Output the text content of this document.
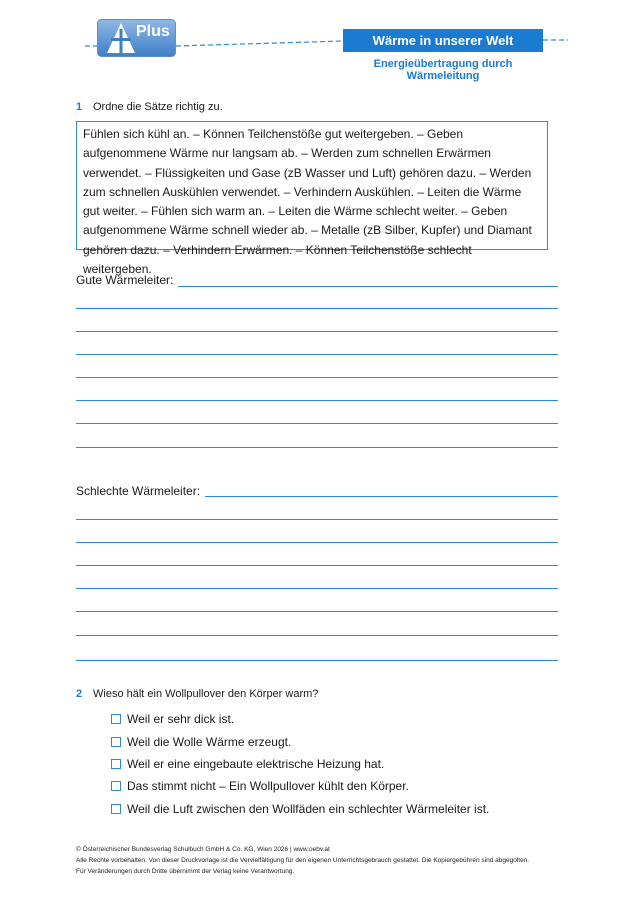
Plus
Wärme in unserer Welt
Energieübertragung durch Wärmeleitung
1 Ordne die Sätze richtig zu.
Fühlen sich kühl an. – Können Teilchenstöße gut weitergeben. – Geben aufgenommene Wärme nur langsam ab. – Werden zum schnellen Erwärmen verwendet. – Flüssigkeiten und Gase (zB Wasser und Luft) gehören dazu. – Werden zum schnellen Auskühlen verwendet. – Verhindern Auskühlen. – Leiten die Wärme gut weiter. – Fühlen sich warm an. – Leiten die Wärme schlecht weiter. – Geben aufgenommene Wärme schnell wieder ab. – Metalle (zB Silber, Kupfer) und Diamant gehören dazu. – Verhindern Erwärmen. – Können Teilchenstöße schlecht weitergeben.
Gute Wärmeleiter:
Schlechte Wärmeleiter:
2 Wieso hält ein Wollpullover den Körper warm?
Weil er sehr dick ist.
Weil die Wolle Wärme erzeugt.
Weil er eine eingebaute elektrische Heizung hat.
Das stimmt nicht – Ein Wollpullover kühlt den Körper.
Weil die Luft zwischen den Wollfäden ein schlechter Wärmeleiter ist.
© Österreichischer Bundesverlag Schulbuch GmbH & Co. KG, Wien 2026 | www.oebv.at
Alle Rechte vorbehalten. Von dieser Druckvorlage ist die Vervielfältigung für den eigenen Unterrichtsgebrauch gestattet. Die Kopiergebühren sind abgegolten.
Für Veränderungen durch Dritte übernimmt der Verlag keine Verantwortung.
